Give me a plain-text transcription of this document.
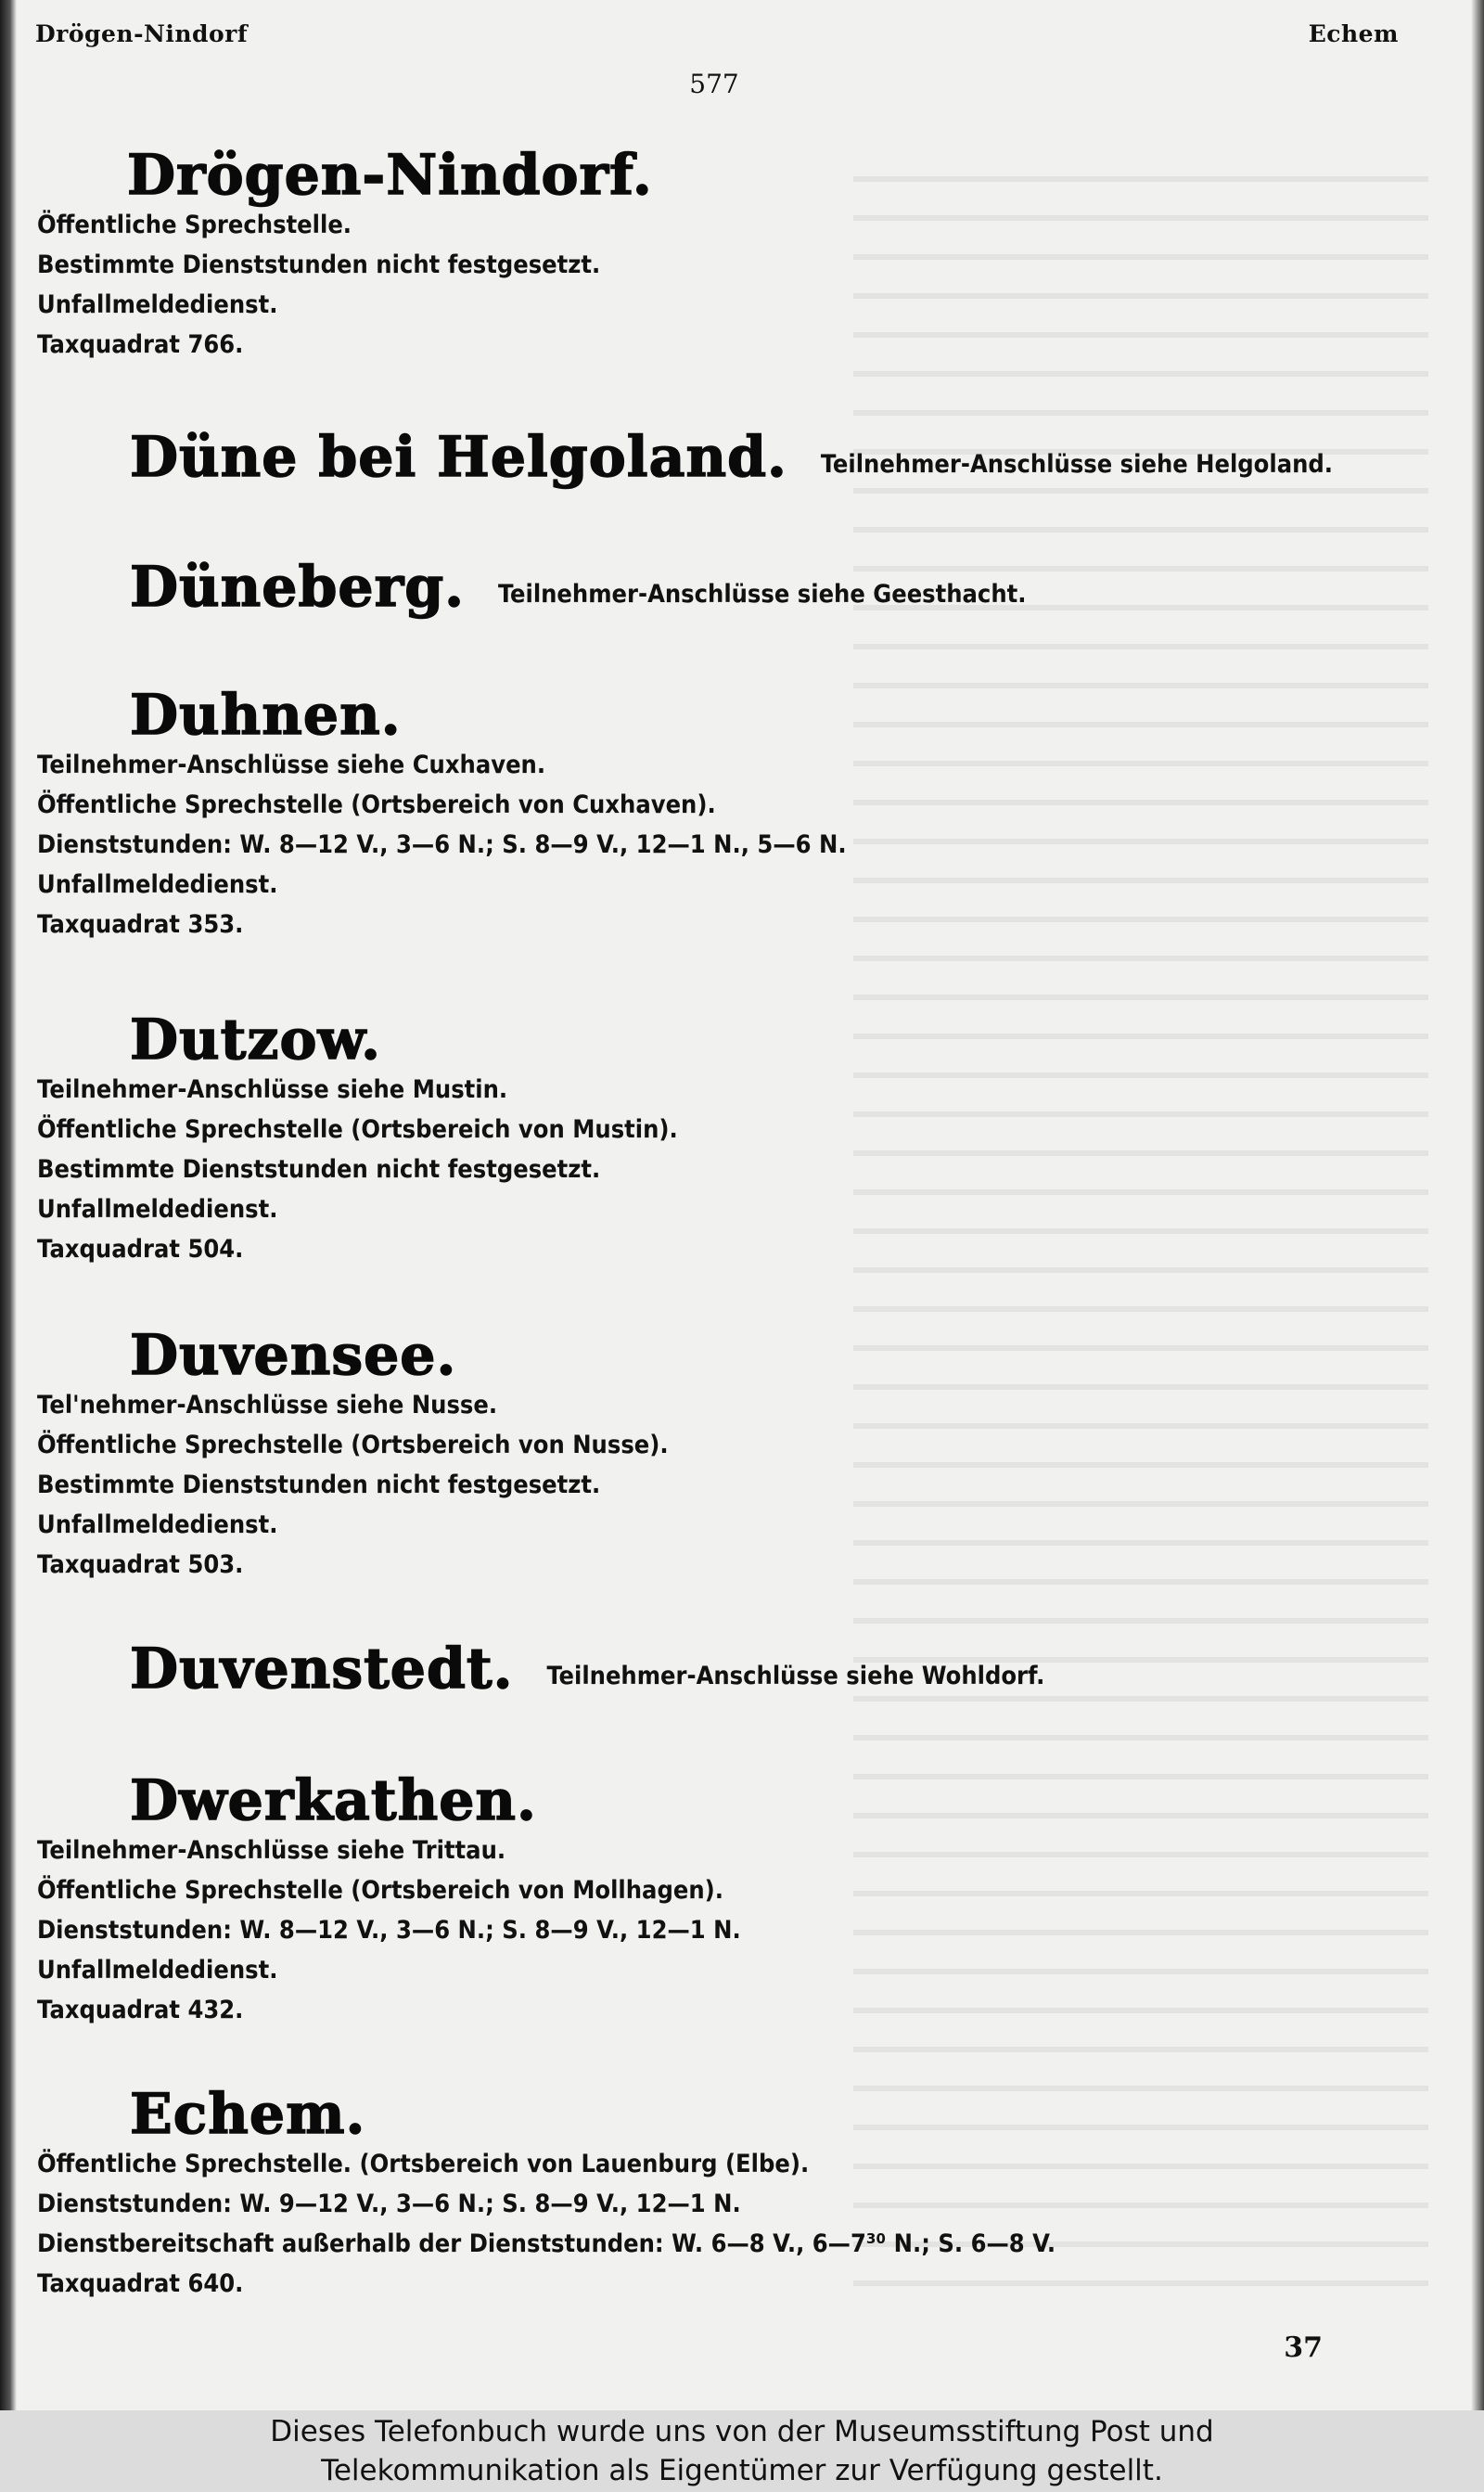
Drögen-Nindorf	Echem
577
Drögen-Nindorf.
Öffentliche Sprechstelle.
Bestimmte Dienststunden nicht festgesetzt.
Unfallmeldedienst.
Taxquadrat 766.
Düne bei Helgoland. Teilnehmer-Anschlüsse siehe Helgoland.
Düneberg. Teilnehmer-Anschlüsse siehe Geesthacht.
Duhnen.
Teilnehmer-Anschlüsse siehe Cuxhaven.
Öffentliche Sprechstelle (Ortsbereich von Cuxhaven).
Dienststunden: W. 8—12 V., 3—6 N.; S. 8—9 V., 12—1 N., 5—6 N.
Unfallmeldedienst.
Taxquadrat 353.
Dutzow.
Teilnehmer-Anschlüsse siehe Mustin.
Öffentliche Sprechstelle (Ortsbereich von Mustin).
Bestimmte Dienststunden nicht festgesetzt.
Unfallmeldedienst.
Taxquadrat 504.
Duvensee.
Tel'nehmer-Anschlüsse siehe Nusse.
Öffentliche Sprechstelle (Ortsbereich von Nusse).
Bestimmte Dienststunden nicht festgesetzt.
Unfallmeldedienst.
Taxquadrat 503.
Duvenstedt. Teilnehmer-Anschlüsse siehe Wohldorf.
Dwerkathen.
Teilnehmer-Anschlüsse siehe Trittau.
Öffentliche Sprechstelle (Ortsbereich von Mollhagen).
Dienststunden: W. 8—12 V., 3—6 N.; S. 8—9 V., 12—1 N.
Unfallmeldedienst.
Taxquadrat 432.
Echem.
Öffentliche Sprechstelle. (Ortsbereich von Lauenburg (Elbe).
Dienststunden: W. 9—12 V., 3—6 N.; S. 8—9 V., 12—1 N.
Dienstbereitschaft außerhalb der Dienststunden: W. 6—8 V., 6—7³⁰ N.; S. 6—8 V.
Taxquadrat 640.
37
Dieses Telefonbuch wurde uns von der Museumsstiftung Post und
Telekommunikation als Eigentümer zur Verfügung gestellt.
